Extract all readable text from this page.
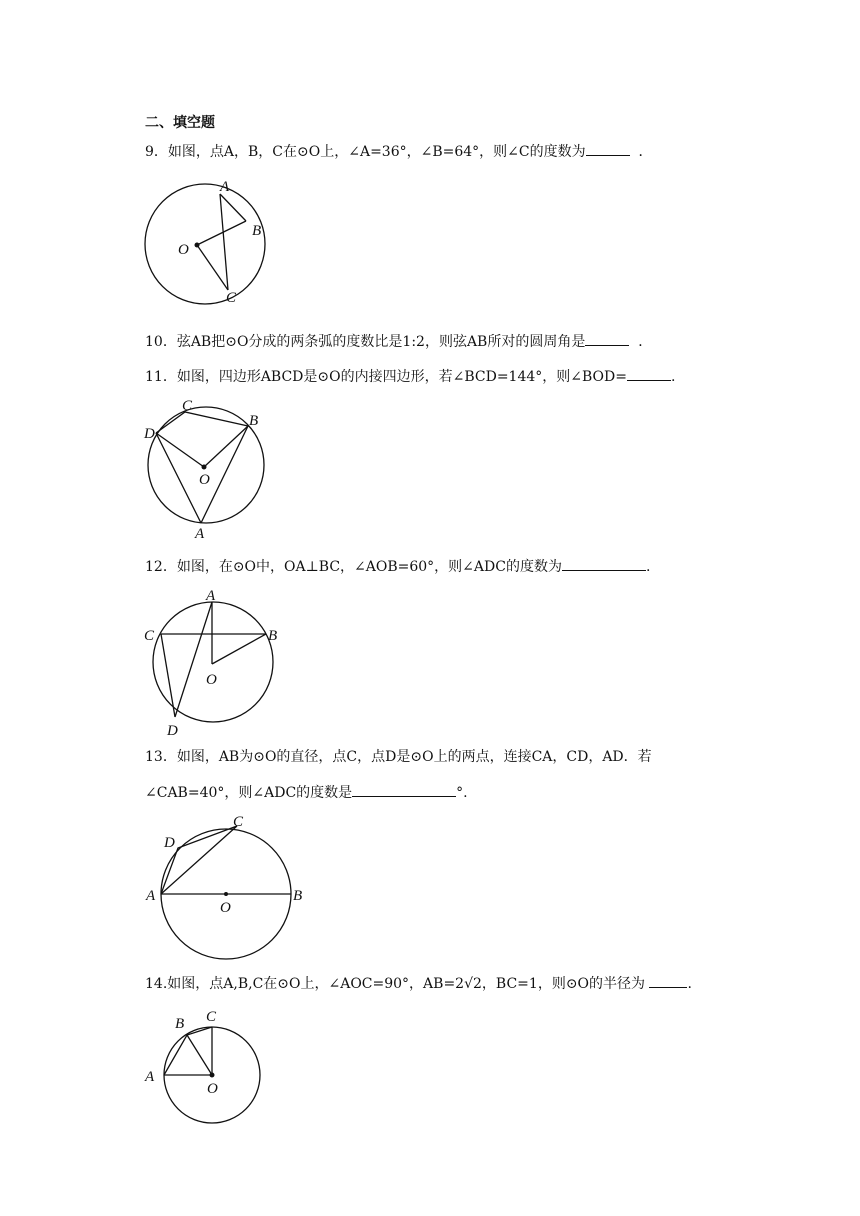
二、填空题
9．如图，点A，B，C在⊙O上，∠A=36°，∠B=64°，则∠C的度数为	．
A
B
C
O
10．弦AB把⊙O分成的两条弧的度数比是1:2，则弦AB所对的圆周角是	．
11．如图，四边形ABCD是⊙O的内接四边形，若∠BCD=144°，则∠BOD=	.
C
B
D
O
A
12．如图，在⊙O中，OA⊥BC，∠AOB=60°，则∠ADC的度数为	.
A
C	B
O
D
13．如图，AB为⊙O的直径，点C，点D是⊙O上的两点，连接CA，CD，AD．若
∠CAB=40°，则∠ADC的度数是	°.
A	B
C
D
O
14.如图，点A,B,C在⊙O上，∠AOC=90°，AB=2√2，BC=1，则⊙O的半径为	.
B C
A
O
